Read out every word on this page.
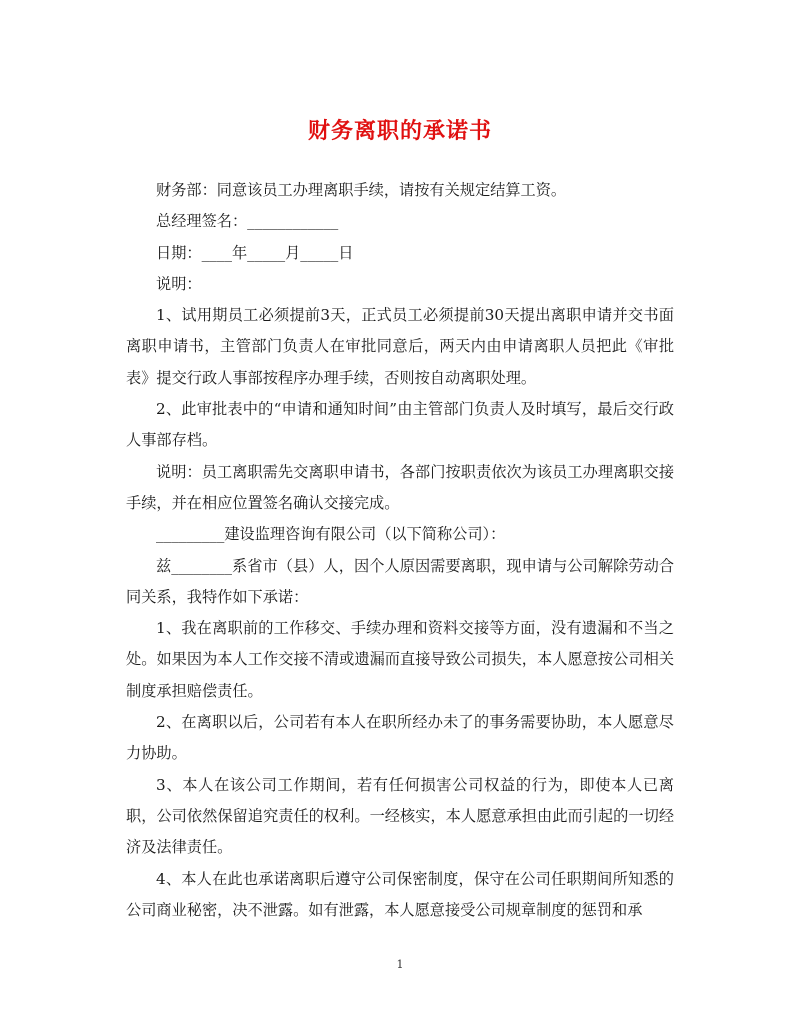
财务离职的承诺书

财务部：同意该员工办理离职手续，请按有关规定结算工资。

总经理签名：____________

日期：____年_____月_____日

说明：

1、试用期员工必须提前3天，正式员工必须提前30天提出离职申请并交书面离职申请书，主管部门负责人在审批同意后，两天内由申请离职人员把此《审批表》提交行政人事部按程序办理手续，否则按自动离职处理。

2、此审批表中的“申请和通知时间”由主管部门负责人及时填写，最后交行政人事部存档。

说明：员工离职需先交离职申请书，各部门按职责依次为该员工办理离职交接手续，并在相应位置签名确认交接完成。

_________建设监理咨询有限公司（以下简称公司）：

兹________系省市（县）人，因个人原因需要离职，现申请与公司解除劳动合同关系，我特作如下承诺：

1、我在离职前的工作移交、手续办理和资料交接等方面，没有遗漏和不当之处。如果因为本人工作交接不清或遗漏而直接导致公司损失，本人愿意按公司相关制度承担赔偿责任。

2、在离职以后，公司若有本人在职所经办未了的事务需要协助，本人愿意尽力协助。

3、本人在该公司工作期间，若有任何损害公司权益的行为，即使本人已离职，公司依然保留追究责任的权利。一经核实，本人愿意承担由此而引起的一切经济及法律责任。

4、本人在此也承诺离职后遵守公司保密制度，保守在公司任职期间所知悉的公司商业秘密，决不泄露。如有泄露，本人愿意接受公司规章制度的惩罚和承

1
